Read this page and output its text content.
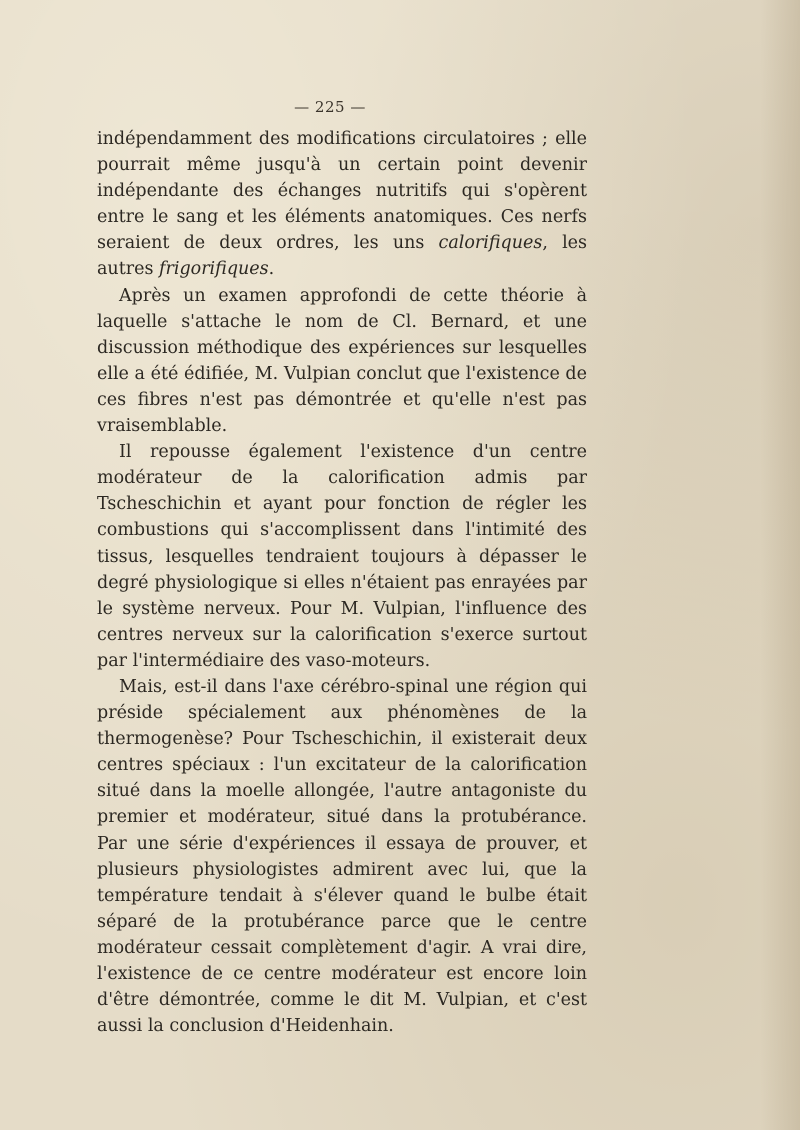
— 225 —

indépendamment des modifications circulatoires ; elle pourrait même jusqu'à un certain point devenir indépendante des échanges nutritifs qui s'opèrent entre le sang et les éléments anatomiques. Ces nerfs seraient de deux ordres, les uns calorifiques, les autres frigorifiques.

Après un examen approfondi de cette théorie à laquelle s'attache le nom de Cl. Bernard, et une discussion méthodique des expériences sur lesquelles elle a été édifiée, M. Vulpian conclut que l'existence de ces fibres n'est pas démontrée et qu'elle n'est pas vraisemblable.

Il repousse également l'existence d'un centre modérateur de la calorification admis par Tscheschichin et ayant pour fonction de régler les combustions qui s'accomplissent dans l'intimité des tissus, lesquelles tendraient toujours à dépasser le degré physiologique si elles n'étaient pas enrayées par le système nerveux. Pour M. Vulpian, l'influence des centres nerveux sur la calorification s'exerce surtout par l'intermédiaire des vaso-moteurs.

Mais, est-il dans l'axe cérébro-spinal une région qui préside spécialement aux phénomènes de la thermogenèse? Pour Tscheschichin, il existerait deux centres spéciaux : l'un excitateur de la calorification situé dans la moelle allongée, l'autre antagoniste du premier et modérateur, situé dans la protubérance. Par une série d'expériences il essaya de prouver, et plusieurs physiologistes admirent avec lui, que la température tendait à s'élever quand le bulbe était séparé de la protubérance parce que le centre modérateur cessait complètement d'agir. A vrai dire, l'existence de ce centre modérateur est encore loin d'être démontrée, comme le dit M. Vulpian, et c'est aussi la conclusion d'Heidenhain.
